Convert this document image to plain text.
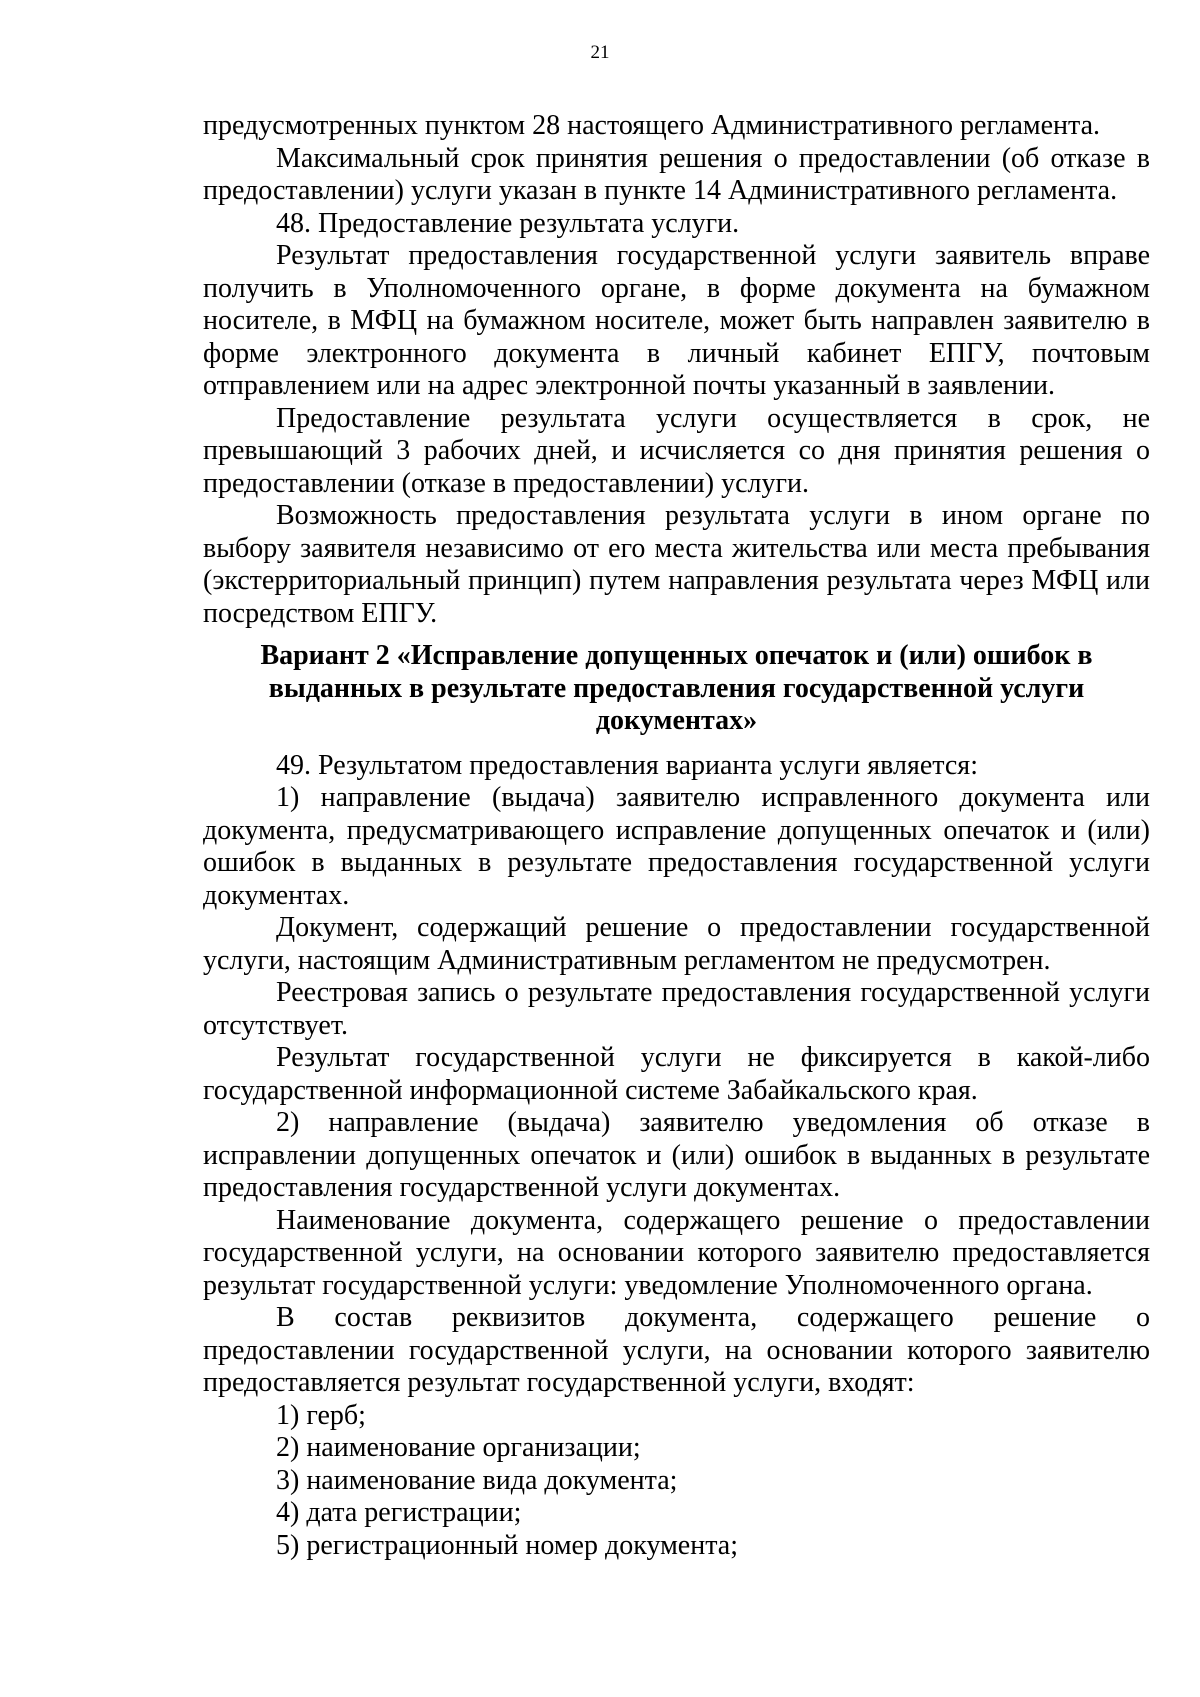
21

предусмотренных пунктом 28 настоящего Административного регламента.

Максимальный срок принятия решения о предоставлении (об отказе в предоставлении) услуги указан в пункте 14 Административного регламента.

48. Предоставление результата услуги.

Результат предоставления государственной услуги заявитель вправе получить в Уполномоченного органе, в форме документа на бумажном носителе, в МФЦ на бумажном носителе, может быть направлен заявителю в форме электронного документа в личный кабинет ЕПГУ, почтовым отправлением или на адрес электронной почты указанный в заявлении.

Предоставление результата услуги осуществляется в срок, не превышающий 3 рабочих дней, и исчисляется со дня принятия решения о предоставлении (отказе в предоставлении) услуги.

Возможность предоставления результата услуги в ином органе по выбору заявителя независимо от его места жительства или места пребывания (экстерриториальный принцип) путем направления результата через МФЦ или посредством ЕПГУ.

Вариант 2 «Исправление допущенных опечаток и (или) ошибок в выданных в результате предоставления государственной услуги документах»

49. Результатом предоставления варианта услуги является:

1) направление (выдача) заявителю исправленного документа или документа, предусматривающего исправление допущенных опечаток и (или) ошибок в выданных в результате предоставления государственной услуги документах.

Документ, содержащий решение о предоставлении государственной услуги, настоящим Административным регламентом не предусмотрен.

Реестровая запись о результате предоставления государственной услуги отсутствует.

Результат государственной услуги не фиксируется в какой-либо государственной информационной системе Забайкальского края.

2) направление (выдача) заявителю уведомления об отказе в исправлении допущенных опечаток и (или) ошибок в выданных в результате предоставления государственной услуги документах.

Наименование документа, содержащего решение о предоставлении государственной услуги, на основании которого заявителю предоставляется результат государственной услуги: уведомление Уполномоченного органа.

В состав реквизитов документа, содержащего решение о предоставлении государственной услуги, на основании которого заявителю предоставляется результат государственной услуги, входят:

1) герб;

2) наименование организации;

3) наименование вида документа;

4) дата регистрации;

5) регистрационный номер документа;
